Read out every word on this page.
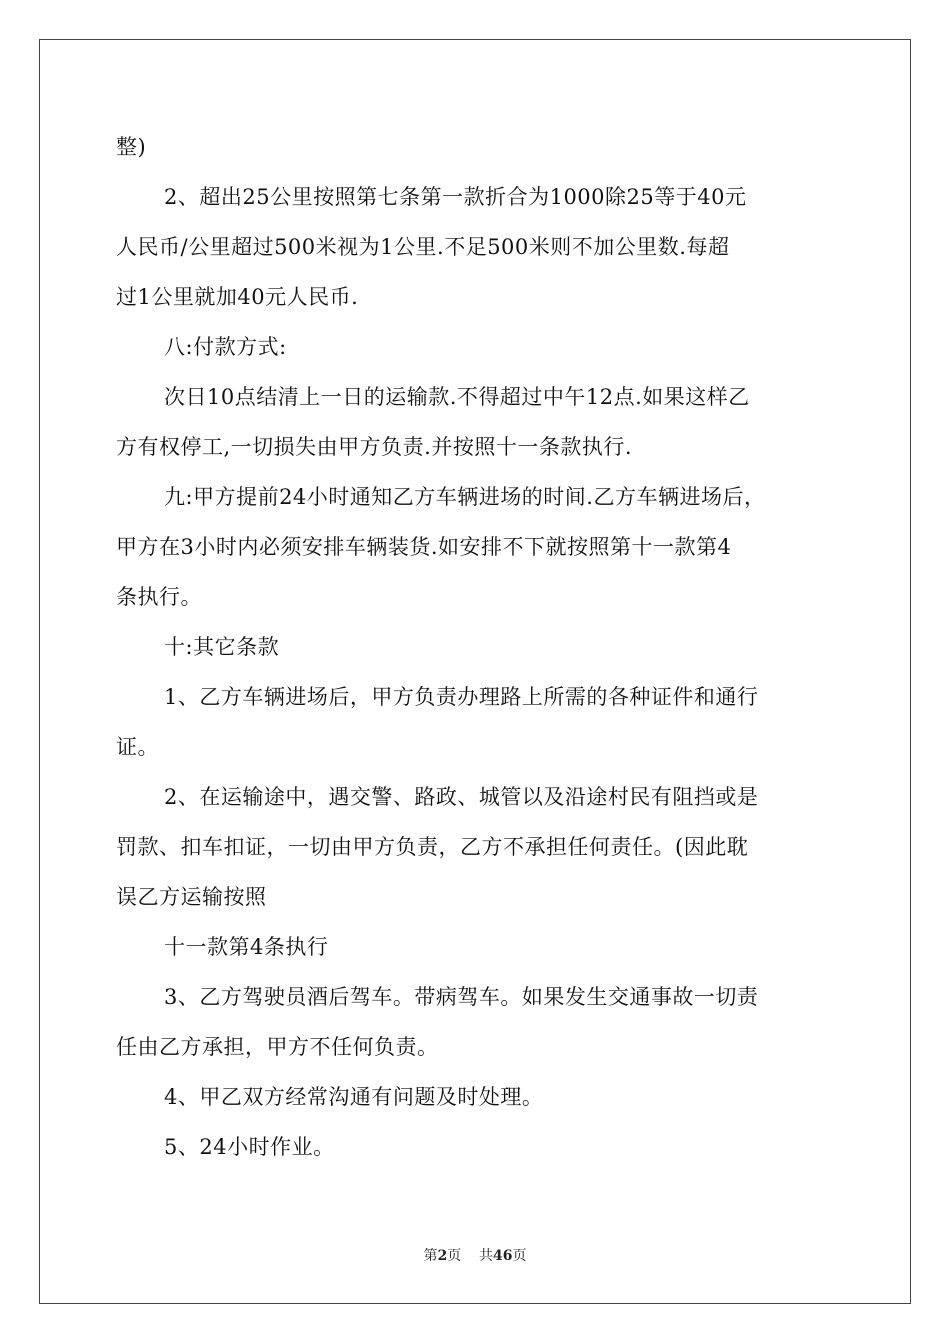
整)
2、超出25公里按照第七条第一款折合为1000除25等于40元
人民币/公里超过500米视为1公里.不足500米则不加公里数.每超
过1公里就加40元人民币.
八:付款方式:
次日10点结清上一日的运输款.不得超过中午12点.如果这样乙
方有权停工,一切损失由甲方负责.并按照十一条款执行.
九:甲方提前24小时通知乙方车辆进场的时间.乙方车辆进场后，
甲方在3小时内必须安排车辆装货.如安排不下就按照第十一款第4
条执行。
十:其它条款
1、乙方车辆进场后，甲方负责办理路上所需的各种证件和通行
证。
2、在运输途中，遇交警、路政、城管以及沿途村民有阻挡或是
罚款、扣车扣证，一切由甲方负责，乙方不承担任何责任。(因此耽
误乙方运输按照
十一款第4条执行
3、乙方驾驶员酒后驾车。带病驾车。如果发生交通事故一切责
任由乙方承担，甲方不任何负责。
4、甲乙双方经常沟通有问题及时处理。
5、24小时作业。
第2页 共46页
